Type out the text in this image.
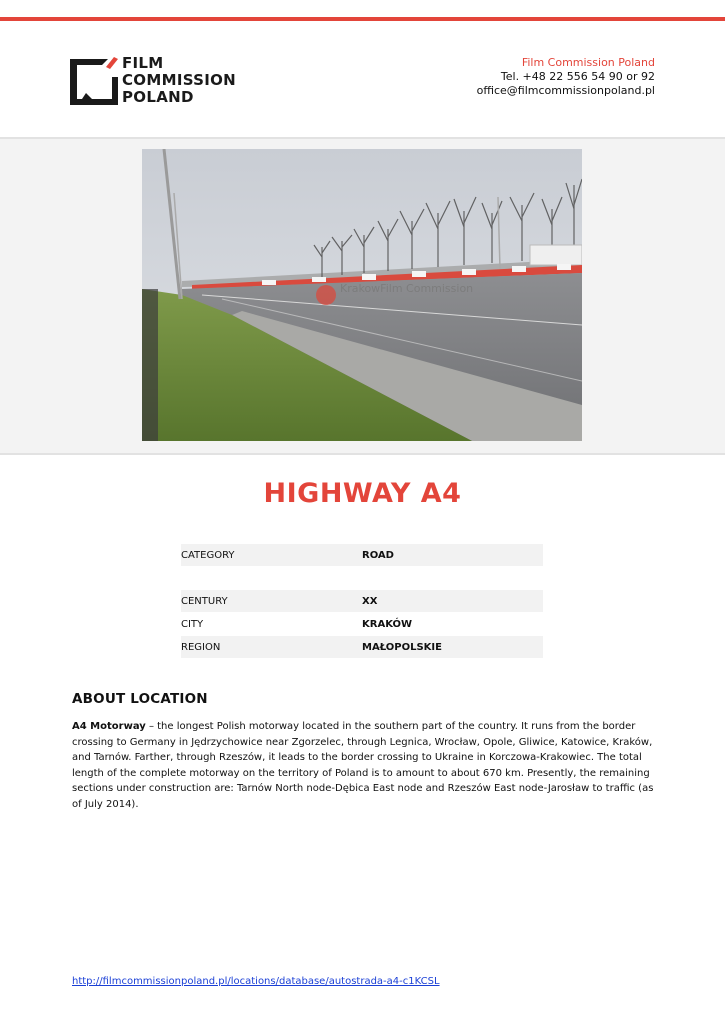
FILM
COMMISSION
POLAND
Film Commission Poland
Tel. +48 22 556 54 90 or 92
office@filmcommissionpoland.pl
KrakowFilm Commission
HIGHWAY A4
CATEGORY	ROAD
CENTURY	XX
CITY	KRAKÓW
REGION	MAŁOPOLSKIE
ABOUT LOCATION
A4 Motorway – the longest Polish motorway located in the southern part of the country. It runs from the border crossing to Germany in Jędrzychowice near Zgorzelec, through Legnica, Wrocław, Opole, Gliwice, Katowice, Kraków, and Tarnów. Farther, through Rzeszów, it leads to the border crossing to Ukraine in Korczowa-Krakowiec. The total length of the complete motorway on the territory of Poland is to amount to about 670 km. Presently, the remaining sections under construction are: Tarnów North node-Dębica East node and Rzeszów East node-Jarosław to traffic (as of July 2014).
http://filmcommissionpoland.pl/locations/database/autostrada-a4-c1KCSL
